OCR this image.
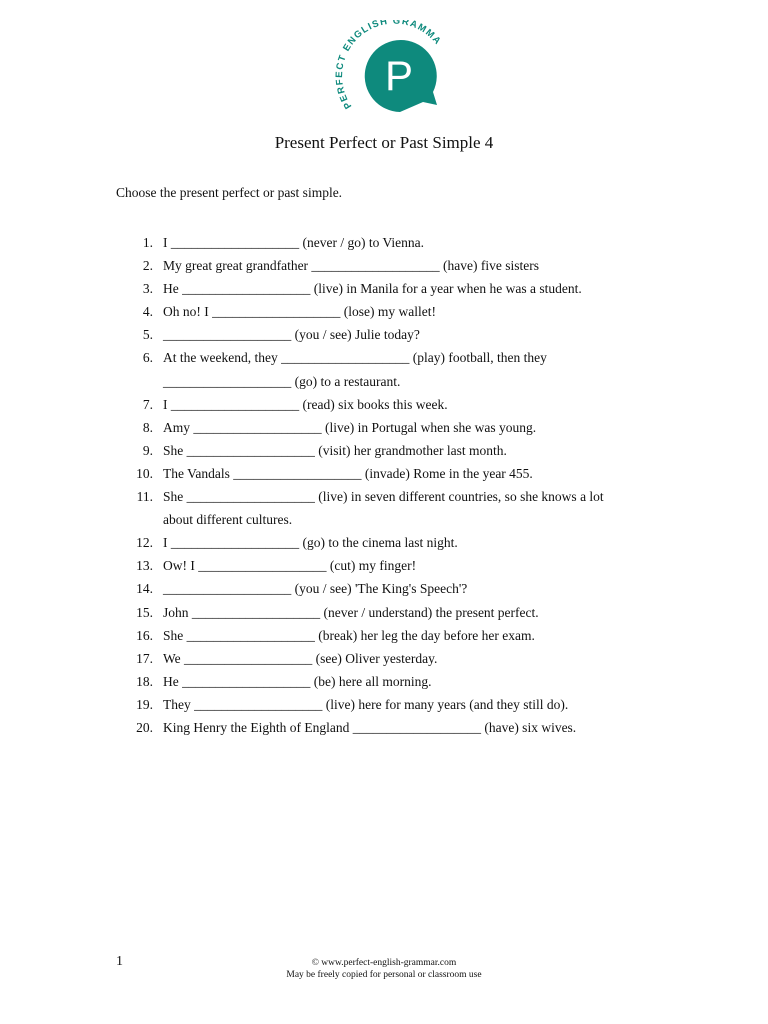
PERFECT ENGLISH GRAMMA
P
Present Perfect or Past Simple 4
Choose the present perfect or past simple.
1. I ___________________ (never / go) to Vienna.
2. My great great grandfather ___________________ (have) five sisters
3. He ___________________ (live) in Manila for a year when he was a student.
4. Oh no! I ___________________ (lose) my wallet!
5. ___________________ (you / see) Julie today?
6. At the weekend, they ___________________ (play) football, then they
___________________ (go) to a restaurant.
7. I ___________________ (read) six books this week.
8. Amy ___________________ (live) in Portugal when she was young.
9. She ___________________ (visit) her grandmother last month.
10. The Vandals ___________________ (invade) Rome in the year 455.
11. She ___________________ (live) in seven different countries, so she knows a lot
about different cultures.
12. I ___________________ (go) to the cinema last night.
13. Ow! I ___________________ (cut) my finger!
14. ___________________ (you / see) 'The King's Speech'?
15. John ___________________ (never / understand) the present perfect.
16. She ___________________ (break) her leg the day before her exam.
17. We ___________________ (see) Oliver yesterday.
18. He ___________________ (be) here all morning.
19. They ___________________ (live) here for many years (and they still do).
20. King Henry the Eighth of England ___________________ (have) six wives.
1	© www.perfect-english-grammar.com
May be freely copied for personal or classroom use
